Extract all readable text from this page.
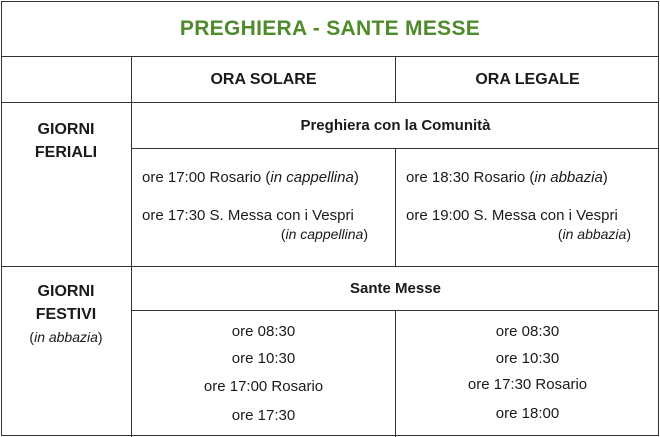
PREGHIERA - SANTE MESSE
ORA SOLARE	ORA LEGALE
GIORNI
FERIALI
Preghiera con la Comunità
ore 17:00 Rosario (in cappellina)
ore 17:30 S. Messa con i Vespri
(in cappellina)
ore 18:30 Rosario (in abbazia)
ore 19:00 S. Messa con i Vespri
(in abbazia)
GIORNI
FESTIVI
(in abbazia)
Sante Messe
ore 08:30
ore 10:30
ore 17:00 Rosario
ore 17:30
ore 08:30
ore 10:30
ore 17:30 Rosario
ore 18:00
